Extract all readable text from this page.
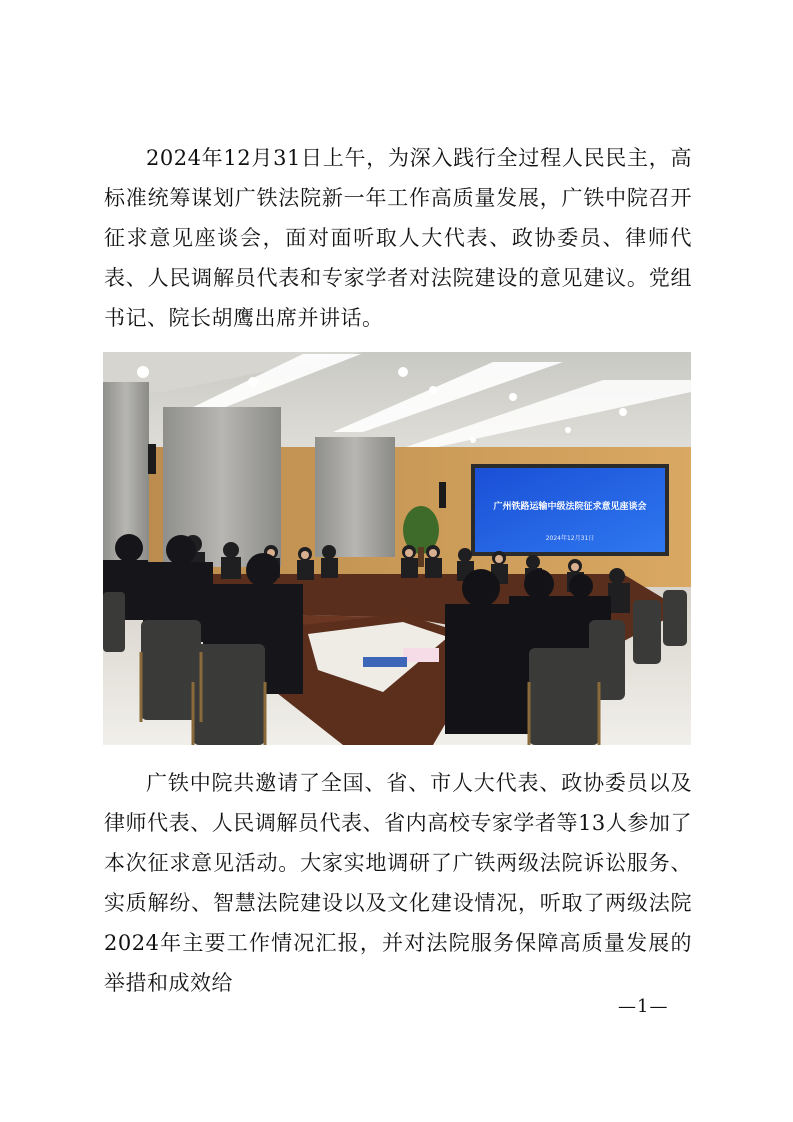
2024年12月31日上午，为深入践行全过程人民民主，高标准统筹谋划广铁法院新一年工作高质量发展，广铁中院召开征求意见座谈会，面对面听取人大代表、政协委员、律师代表、人民调解员代表和专家学者对法院建设的意见建议。党组书记、院长胡鹰出席并讲话。

广州铁路运输中级法院征求意见座谈会
2024年12月31日

广铁中院共邀请了全国、省、市人大代表、政协委员以及律师代表、人民调解员代表、省内高校专家学者等13人参加了本次征求意见活动。大家实地调研了广铁两级法院诉讼服务、实质解纷、智慧法院建设以及文化建设情况，听取了两级法院2024年主要工作情况汇报，并对法院服务保障高质量发展的举措和成效给

—1—
